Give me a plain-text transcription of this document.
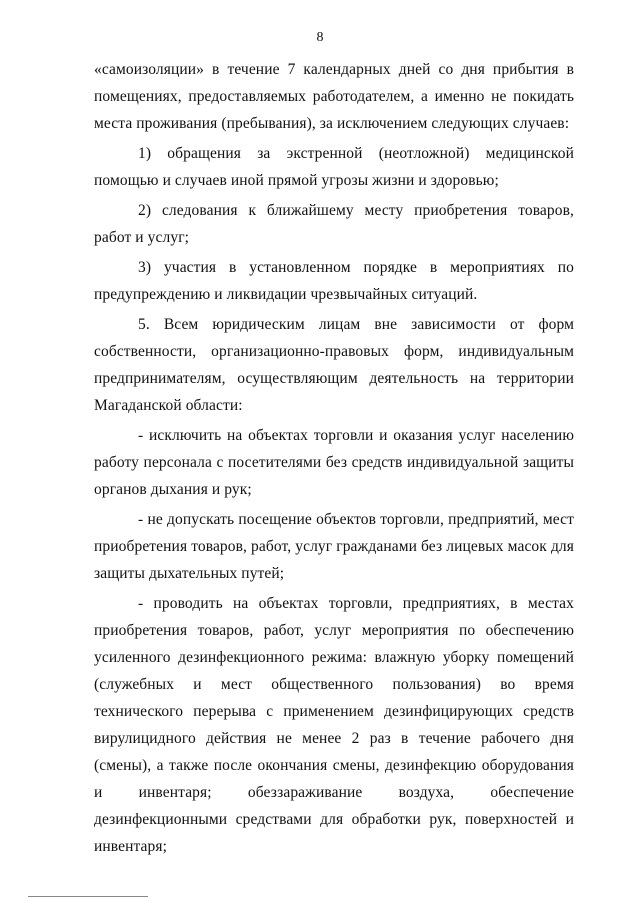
8

«самоизоляции» в течение 7 календарных дней со дня прибытия в помещениях, предоставляемых работодателем, а именно не покидать места проживания (пребывания), за исключением следующих случаев:

1) обращения за экстренной (неотложной) медицинской помощью и случаев иной прямой угрозы жизни и здоровью;

2) следования к ближайшему месту приобретения товаров, работ и услуг;

3) участия в установленном порядке в мероприятиях по предупреждению и ликвидации чрезвычайных ситуаций.

5. Всем юридическим лицам вне зависимости от форм собственности, организационно-правовых форм, индивидуальным предпринимателям, осуществляющим деятельность на территории Магаданской области:

- исключить на объектах торговли и оказания услуг населению работу персонала с посетителями без средств индивидуальной защиты органов дыхания и рук;

- не допускать посещение объектов торговли, предприятий, мест приобретения товаров, работ, услуг гражданами без лицевых масок для защиты дыхательных путей;

- проводить на объектах торговли, предприятиях, в местах приобретения товаров, работ, услуг мероприятия по обеспечению усиленного дезинфекционного режима: влажную уборку помещений (служебных и мест общественного пользования) во время технического перерыва с применением дезинфицирующих средств вирулицидного действия не менее 2 раз в течение рабочего дня (смены), а также после окончания смены, дезинфекцию оборудования и инвентаря; обеззараживание воздуха, обеспечение дезинфекционными средствами для обработки рук, поверхностей и инвентаря;
